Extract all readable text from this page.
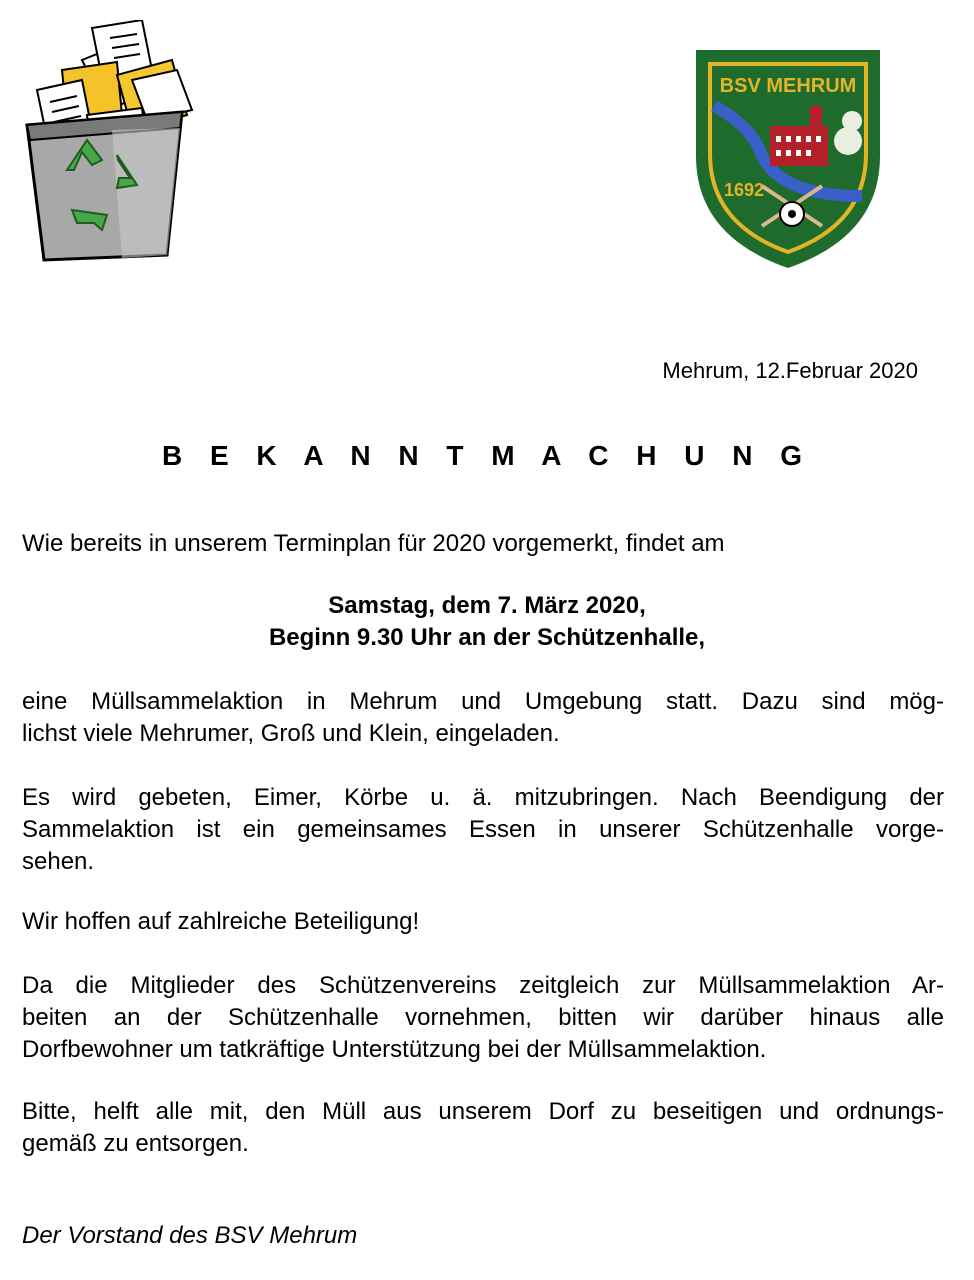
BSV MEHRUM
1692
Mehrum, 12.Februar 2020
B E K A N N T M A C H U N G
Wie bereits in unserem Terminplan für 2020 vorgemerkt, findet am
Samstag, dem 7. März 2020,
Beginn 9.30 Uhr an der Schützenhalle,
eine Müllsammelaktion in Mehrum und Umgebung statt. Dazu sind mög-
lichst viele Mehrumer, Groß und Klein, eingeladen.
Es wird gebeten, Eimer, Körbe u. ä. mitzubringen. Nach Beendigung der
Sammelaktion ist ein gemeinsames Essen in unserer Schützenhalle vorge-
sehen.
Wir hoffen auf zahlreiche Beteiligung!
Da die Mitglieder des Schützenvereins zeitgleich zur Müllsammelaktion Ar-
beiten an der Schützenhalle vornehmen, bitten wir darüber hinaus alle
Dorfbewohner um tatkräftige Unterstützung bei der Müllsammelaktion.
Bitte, helft alle mit, den Müll aus unserem Dorf zu beseitigen und ordnungs-
gemäß zu entsorgen.
Der Vorstand des BSV Mehrum
